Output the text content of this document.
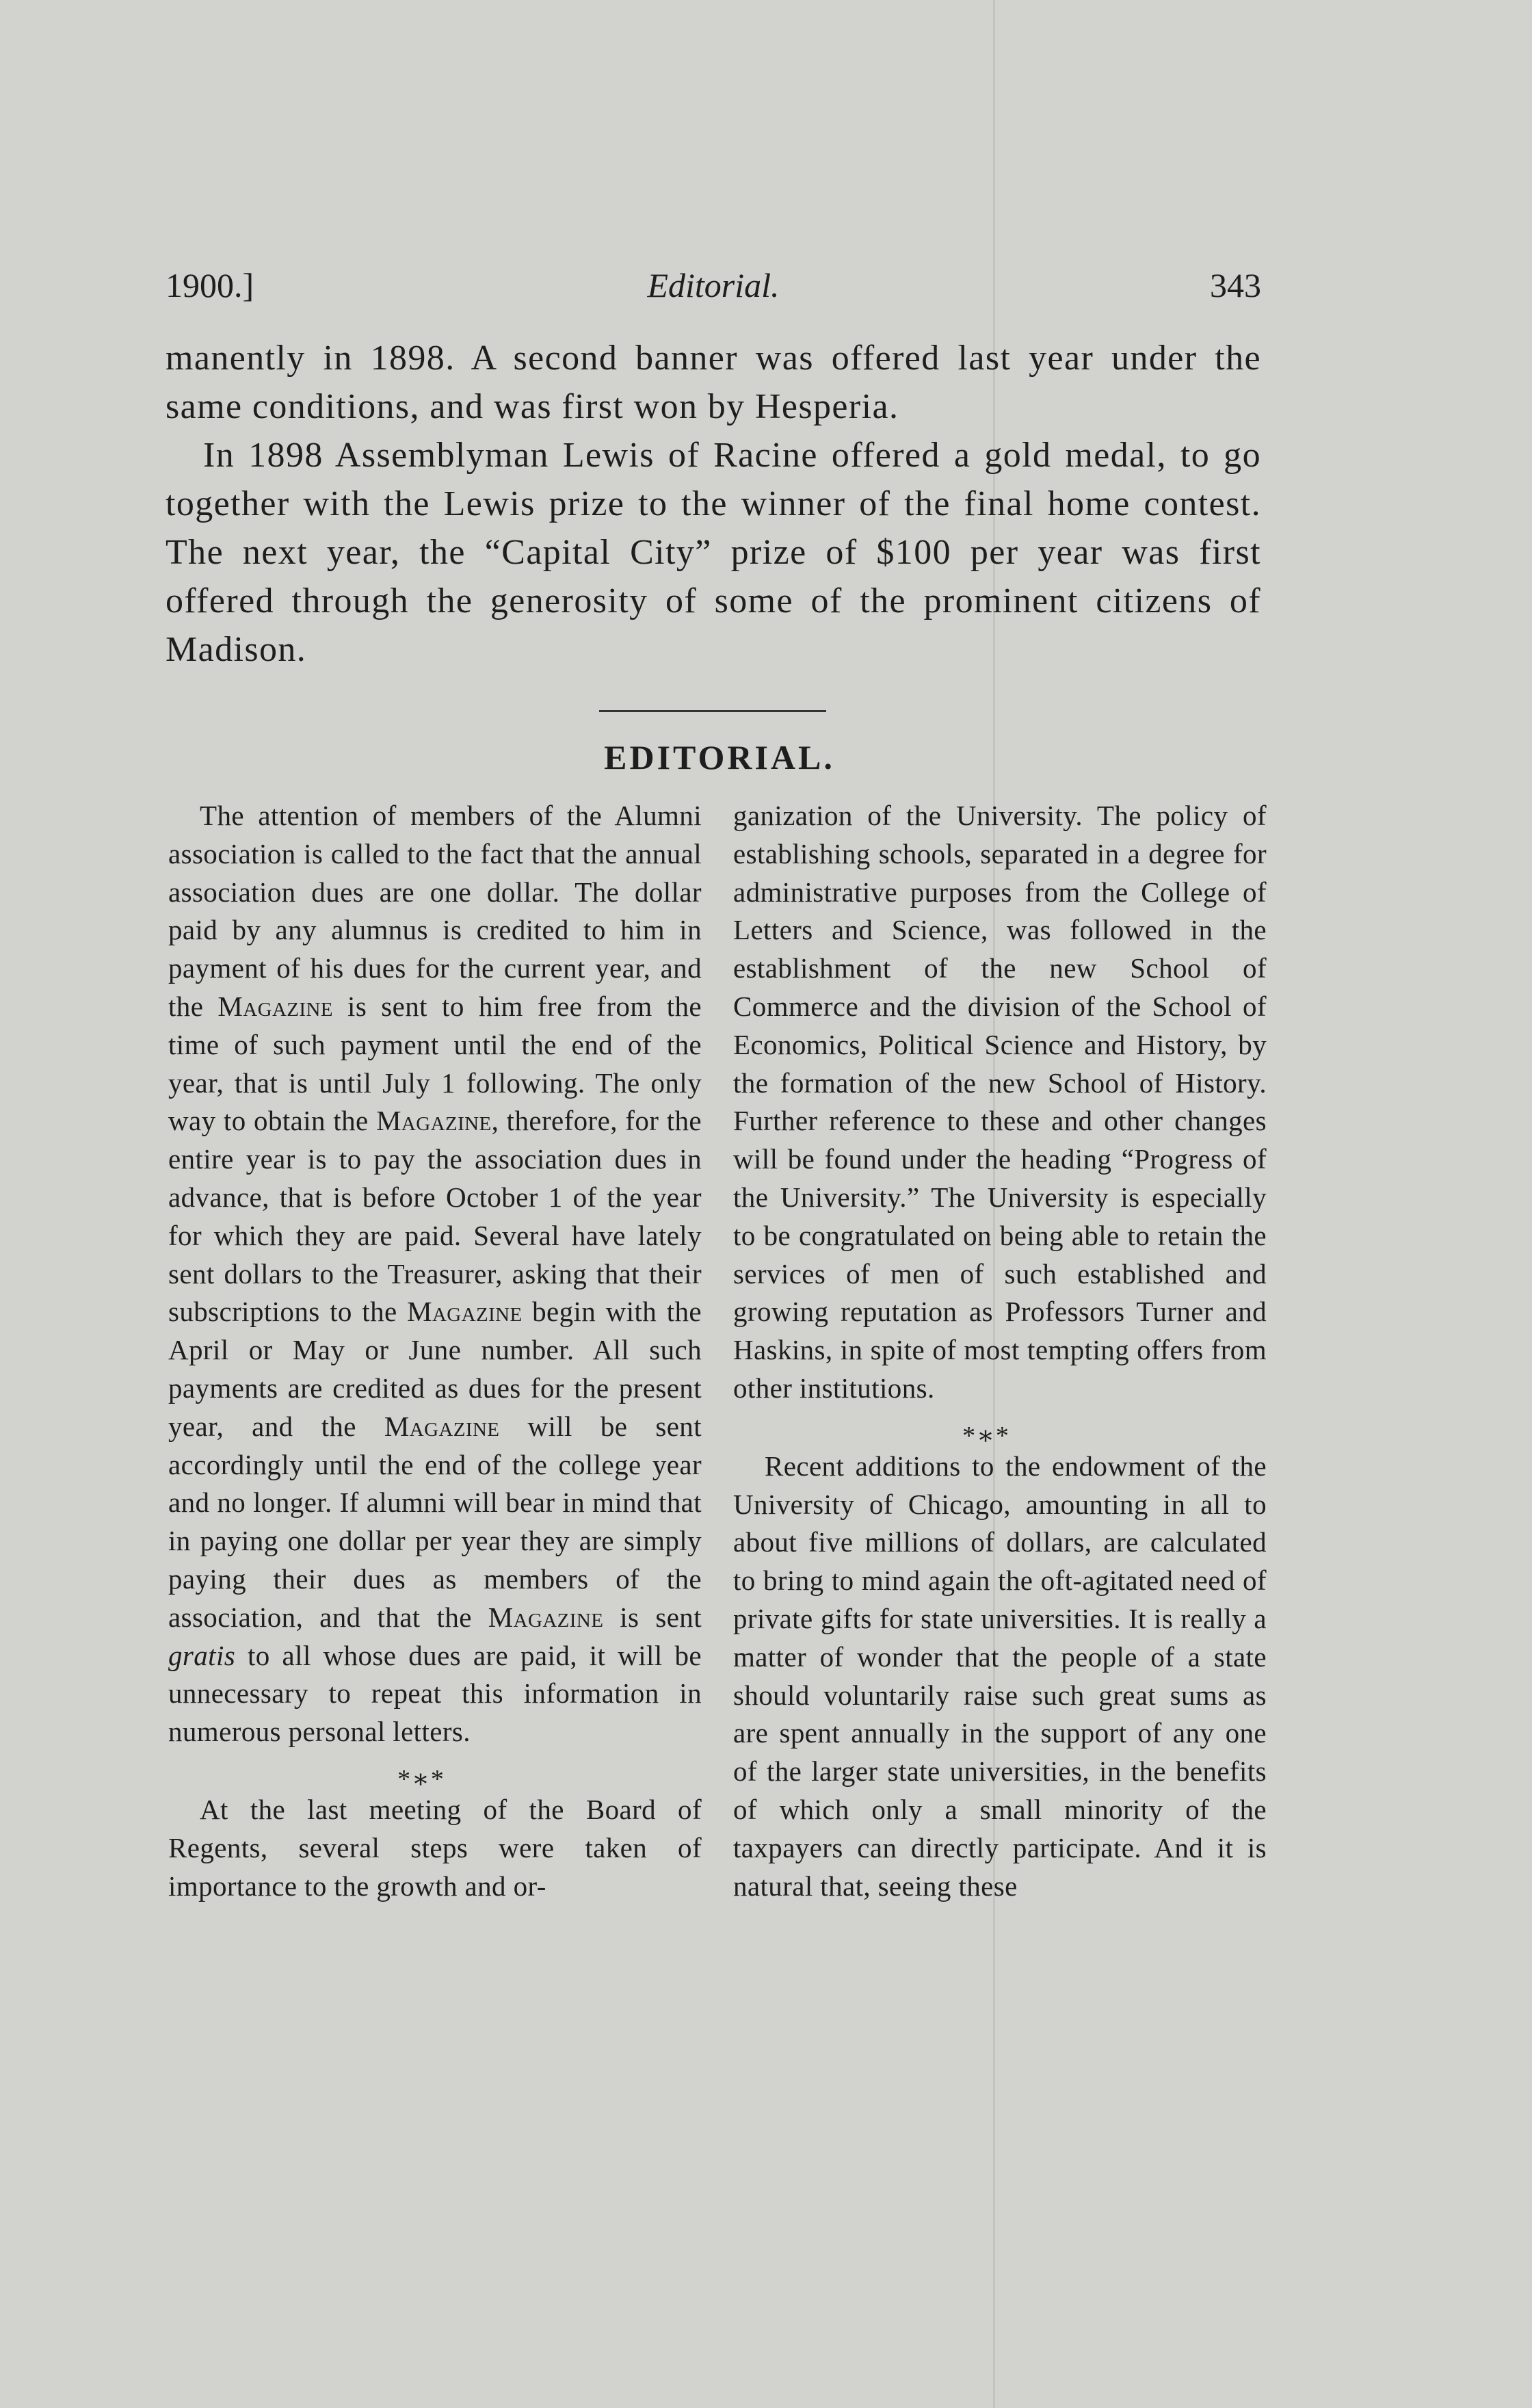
1900.]	Editorial.	343

manently in 1898. A second banner was offered last year under the same conditions, and was first won by Hesperia.

In 1898 Assemblyman Lewis of Racine offered a gold medal, to go together with the Lewis prize to the winner of the final home contest. The next year, the “Capital City” prize of $100 per year was first offered through the generosity of some of the prominent citizens of Madison.

EDITORIAL.

The attention of members of the Alumni association is called to the fact that the annual association dues are one dollar. The dollar paid by any alumnus is credited to him in payment of his dues for the current year, and the Magazine is sent to him free from the time of such payment until the end of the year, that is until July 1 following. The only way to obtain the Magazine, therefore, for the entire year is to pay the association dues in advance, that is before October 1 of the year for which they are paid. Several have lately sent dollars to the Treasurer, asking that their subscriptions to the Magazine begin with the April or May or June number. All such payments are credited as dues for the present year, and the Magazine will be sent accordingly until the end of the college year and no longer. If alumni will bear in mind that in paying one dollar per year they are simply paying their dues as members of the association, and that the Magazine is sent gratis to all whose dues are paid, it will be unnecessary to repeat this information in numerous personal letters.

*∗*

At the last meeting of the Board of Regents, several steps were taken of importance to the growth and or-

ganization of the University. The policy of establishing schools, separated in a degree for administrative purposes from the College of Letters and Science, was followed in the establishment of the new School of Commerce and the division of the School of Economics, Political Science and History, by the formation of the new School of History. Further reference to these and other changes will be found under the heading “Progress of the University.” The University is especially to be congratulated on being able to retain the services of men of such established and growing reputation as Professors Turner and Haskins, in spite of most tempting offers from other institutions.

*∗*

Recent additions to the endowment of the University of Chicago, amounting in all to about five millions of dollars, are calculated to bring to mind again the oft-agitated need of private gifts for state universities. It is really a matter of wonder that the people of a state should voluntarily raise such great sums as are spent annually in the support of any one of the larger state universities, in the benefits of which only a small minority of the taxpayers can directly participate. And it is natural that, seeing these
